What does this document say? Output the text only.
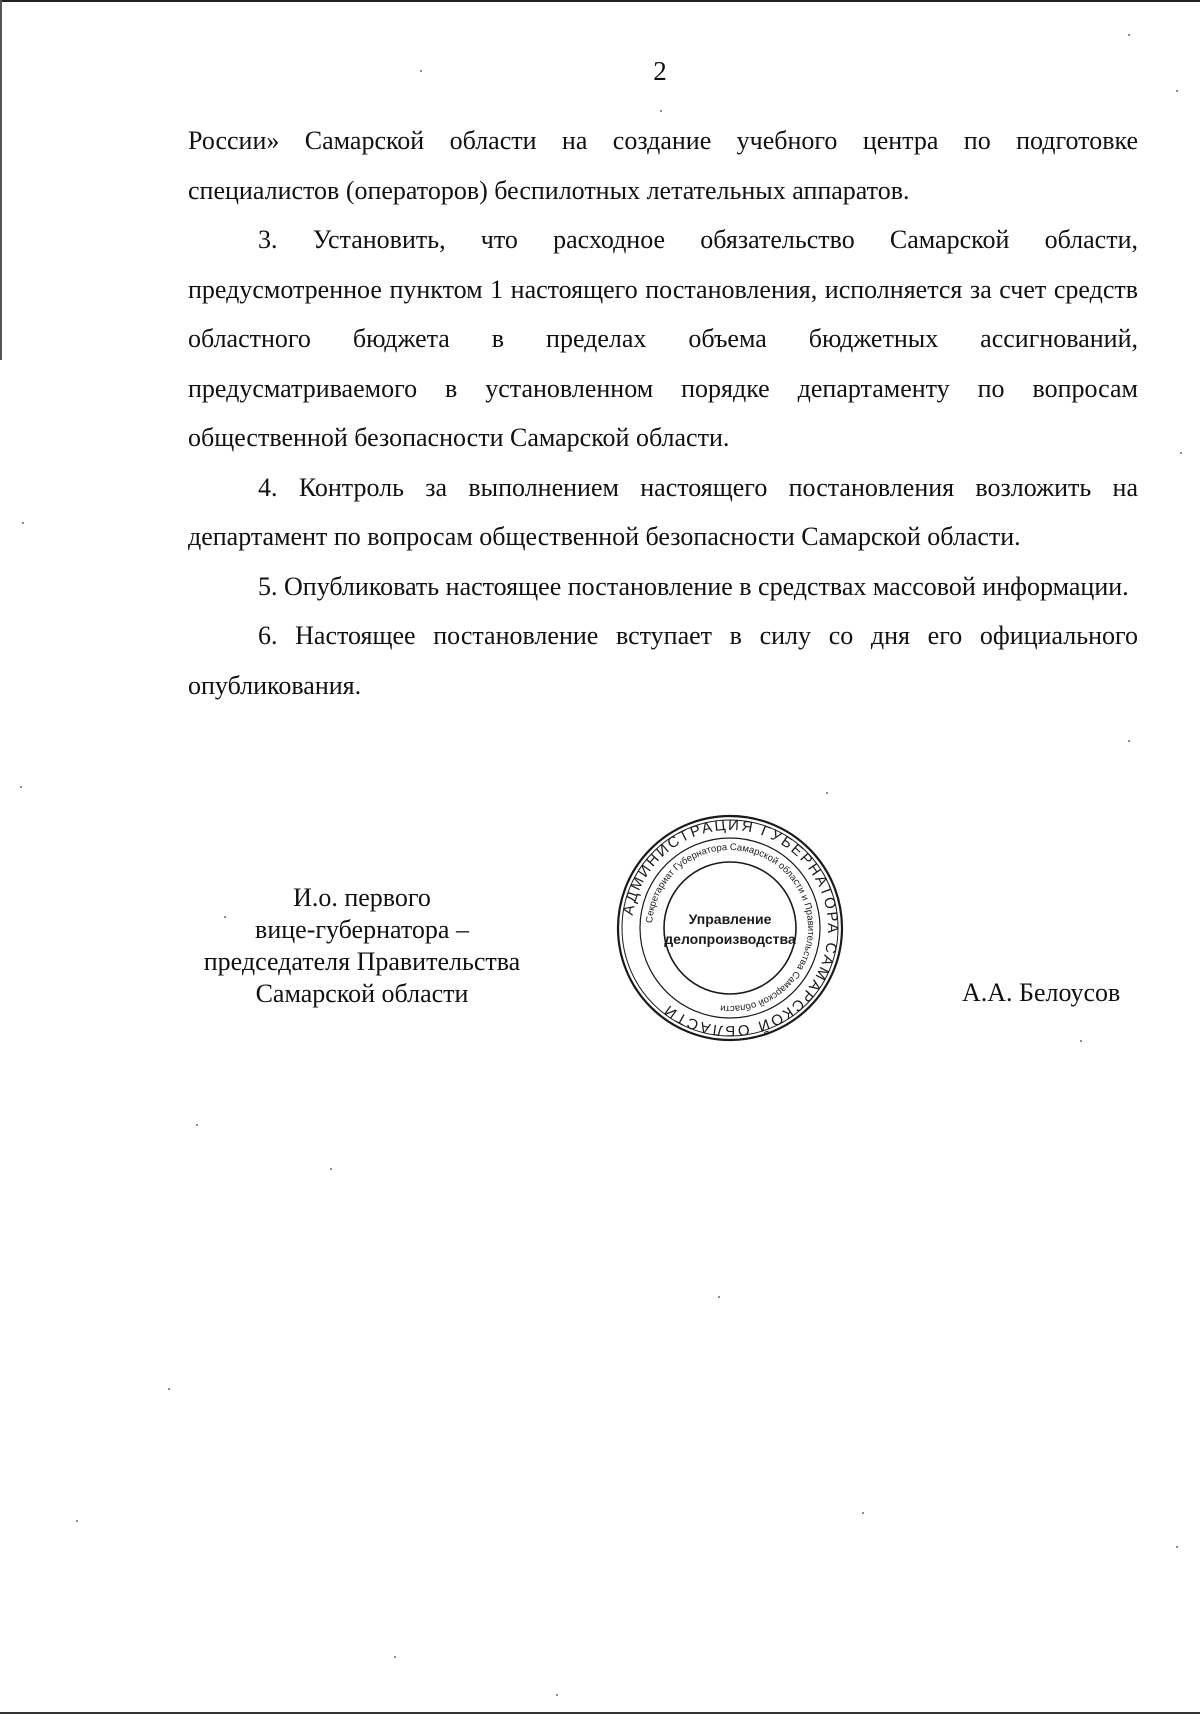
2

России» Самарской области на создание учебного центра по подготовке специалистов (операторов) беспилотных летательных аппаратов.

3. Установить, что расходное обязательство Самарской области, предусмотренное пунктом 1 настоящего постановления, исполняется за счет средств областного бюджета в пределах объема бюджетных ассигнований, предусматриваемого в установленном порядке департаменту по вопросам общественной безопасности Самарской области.

4. Контроль за выполнением настоящего постановления возложить на департамент по вопросам общественной безопасности Самарской области.

5. Опубликовать настоящее постановление в средствах массовой информации.

6. Настоящее постановление вступает в силу со дня его официального опубликования.

И.о. первого
вице-губернатора –
председателя Правительства
Самарской области
АДМИНИСТРАЦИЯ ГУБЕРНАТОРА САМАРСКОЙ ОБЛАСТИ
Секретариат Губернатора Самарской области и Правительства Самарской области
Управление
делопроизводства
А.А. Белоусов
